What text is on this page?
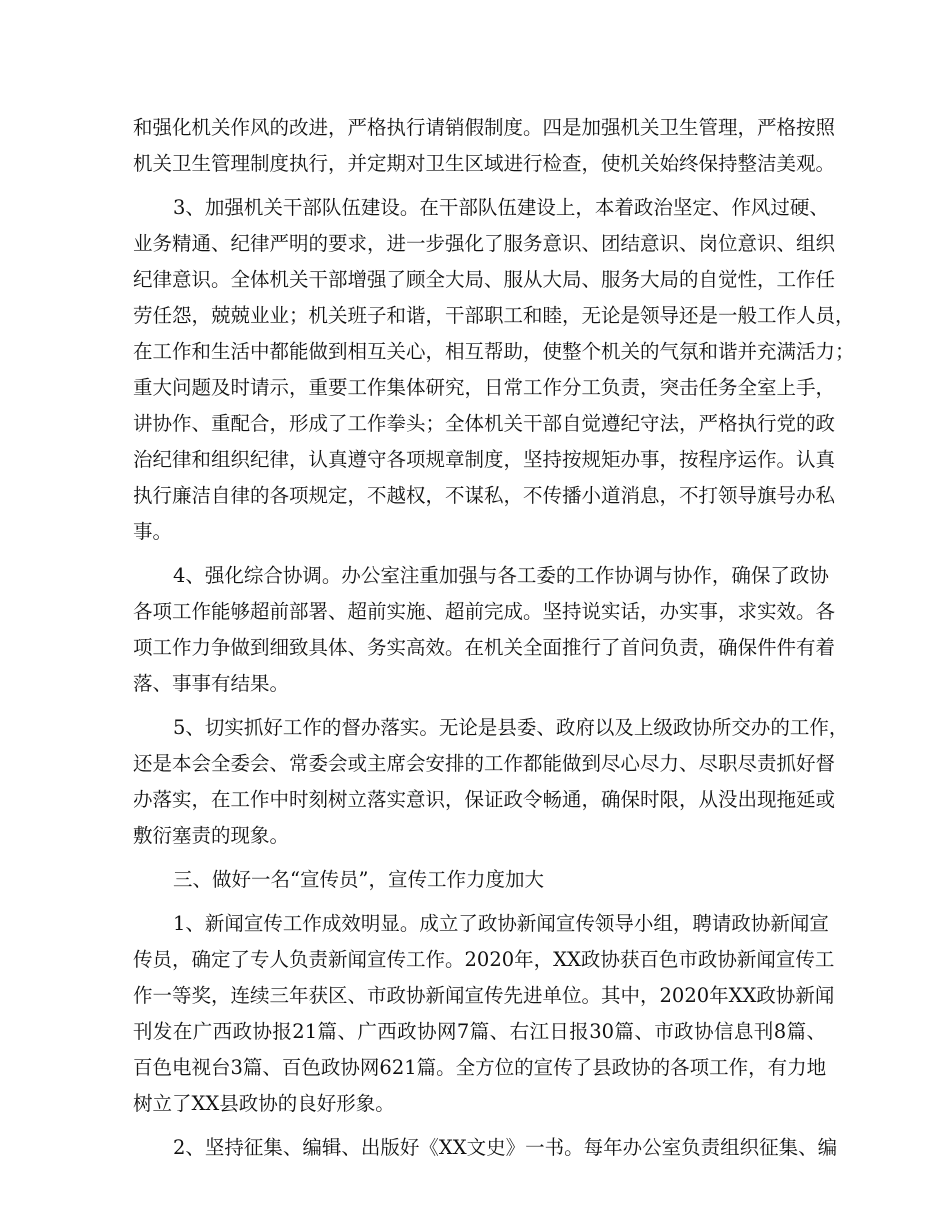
和强化机关作风的改进，严格执行请销假制度。四是加强机关卫生管理，严格按照
机关卫生管理制度执行，并定期对卫生区域进行检查，使机关始终保持整洁美观。

3、加强机关干部队伍建设。在干部队伍建设上，本着政治坚定、作风过硬、
业务精通、纪律严明的要求，进一步强化了服务意识、团结意识、岗位意识、组织
纪律意识。全体机关干部增强了顾全大局、服从大局、服务大局的自觉性，工作任
劳任怨，兢兢业业；机关班子和谐，干部职工和睦，无论是领导还是一般工作人员，
在工作和生活中都能做到相互关心，相互帮助，使整个机关的气氛和谐并充满活力；
重大问题及时请示，重要工作集体研究，日常工作分工负责，突击任务全室上手，
讲协作、重配合，形成了工作拳头；全体机关干部自觉遵纪守法，严格执行党的政
治纪律和组织纪律，认真遵守各项规章制度，坚持按规矩办事，按程序运作。认真
执行廉洁自律的各项规定，不越权，不谋私，不传播小道消息，不打领导旗号办私
事。

4、强化综合协调。办公室注重加强与各工委的工作协调与协作，确保了政协
各项工作能够超前部署、超前实施、超前完成。坚持说实话，办实事，求实效。各
项工作力争做到细致具体、务实高效。在机关全面推行了首问负责，确保件件有着
落、事事有结果。

5、切实抓好工作的督办落实。无论是县委、政府以及上级政协所交办的工作，
还是本会全委会、常委会或主席会安排的工作都能做到尽心尽力、尽职尽责抓好督
办落实，在工作中时刻树立落实意识，保证政令畅通，确保时限，从没出现拖延或
敷衍塞责的现象。

三、做好一名“宣传员”，宣传工作力度加大

1、新闻宣传工作成效明显。成立了政协新闻宣传领导小组，聘请政协新闻宣
传员，确定了专人负责新闻宣传工作。2020年，XX政协获百色市政协新闻宣传工
作一等奖，连续三年获区、市政协新闻宣传先进单位。其中，2020年XX政协新闻
刊发在广西政协报21篇、广西政协网7篇、右江日报30篇、市政协信息刊8篇、
百色电视台3篇、百色政协网621篇。全方位的宣传了县政协的各项工作，有力地
树立了XX县政协的良好形象。

2、坚持征集、编辑、出版好《XX文史》一书。每年办公室负责组织征集、编
